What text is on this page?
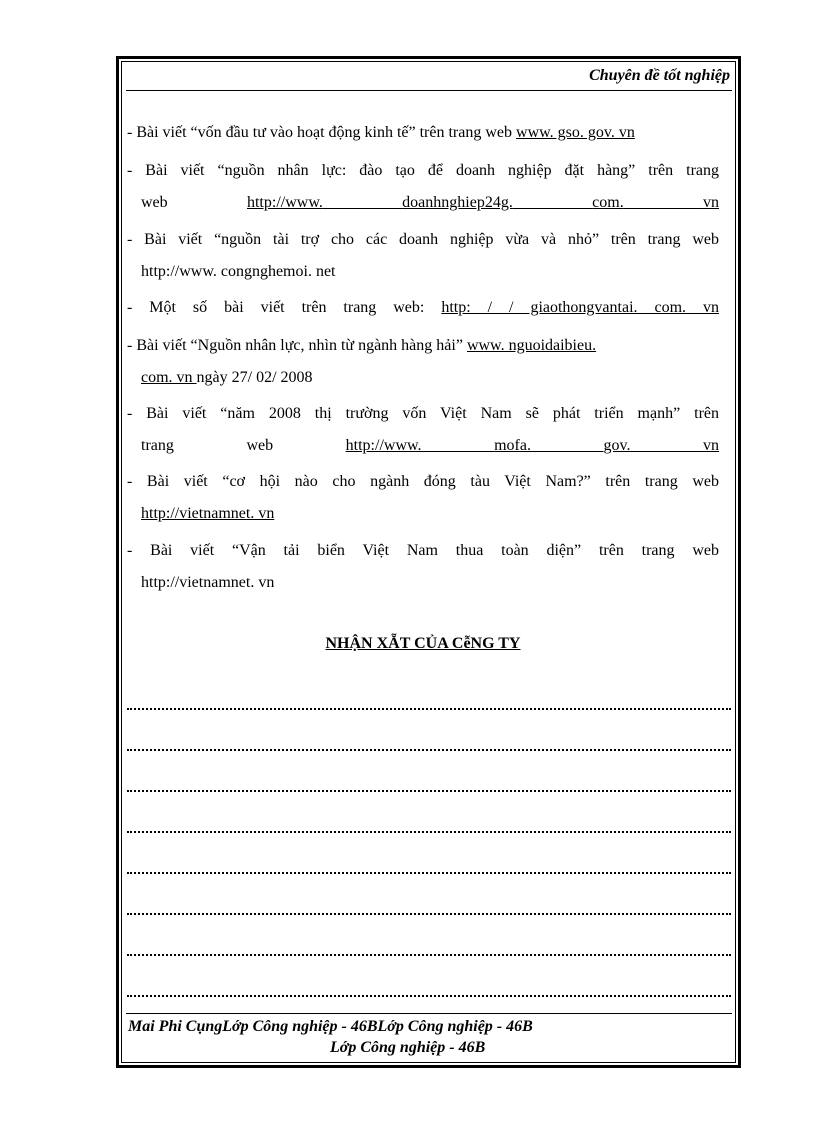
Chuyên đề tốt nghiệp
- Bài viết “vốn đầu tư vào hoạt động kinh tế” trên trang web www. gso. gov. vn
- Bài viết “nguồn nhân lực: đào tạo để doanh nghiệp đặt hàng” trên trang
web	http://www.	doanhnghiep24g.	com.	vn
- Bài viết “nguồn tài trợ cho các doanh nghiệp vừa và nhỏ” trên trang web
http://www. congnghemoi. net
- Một số bài viết trên trang web: http: / / giaothongvantai. com. vn
- Bài viết “Nguồn nhân lực, nhìn từ ngành hàng hải” www. nguoidaibieu.
com. vn ngày 27/ 02/ 2008
- Bài viết “năm 2008 thị trường vốn Việt Nam sẽ phát triển mạnh” trên
trang	web	http://www.	mofa.	gov.	vn
- Bài viết “cơ hội nào cho ngành đóng tàu Việt Nam?” trên trang web
http://vietnamnet. vn
- Bài viết “Vận tải biển Việt Nam thua toàn diện” trên trang web
http://vietnamnet. vn
NHẬN XẴT CỦA CễNG TY
Mai Phi CụngLớp Công nghiệp - 46BLớp Công nghiệp - 46B
Lớp Công nghiệp - 46B
